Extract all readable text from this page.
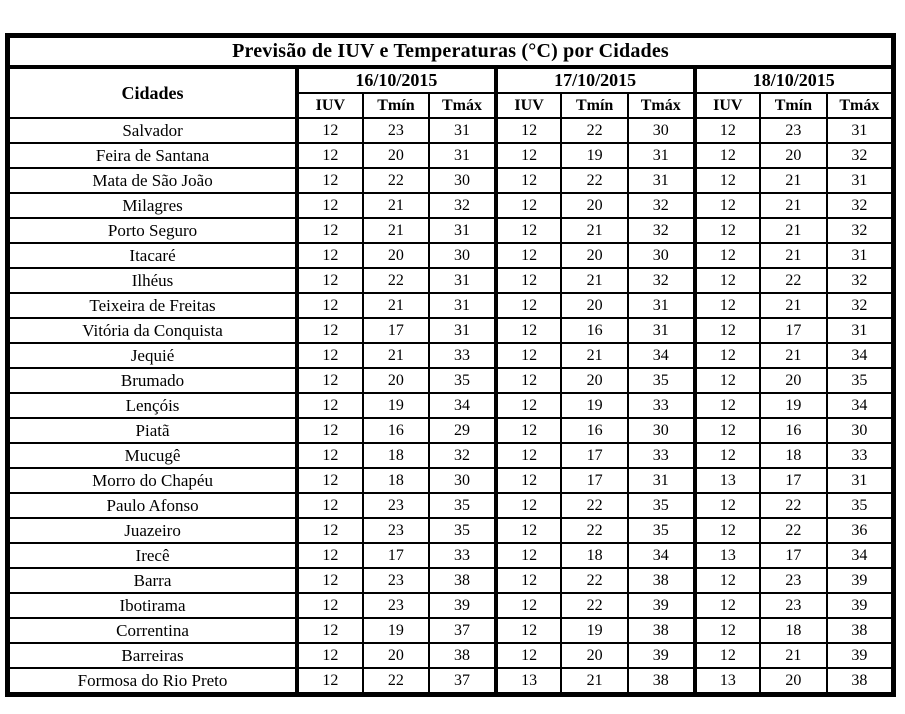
Previsão de IUV e Temperaturas (°C) por Cidades									
Cidades	16/10/2015			17/10/2015			18/10/2015		
	IUV	Tmín	Tmáx	IUV	Tmín	Tmáx	IUV	Tmín	Tmáx
Salvador	12	23	31	12	22	30	12	23	31
Feira de Santana	12	20	31	12	19	31	12	20	32
Mata de São João	12	22	30	12	22	31	12	21	31
Milagres	12	21	32	12	20	32	12	21	32
Porto Seguro	12	21	31	12	21	32	12	21	32
Itacaré	12	20	30	12	20	30	12	21	31
Ilhéus	12	22	31	12	21	32	12	22	32
Teixeira de Freitas	12	21	31	12	20	31	12	21	32
Vitória da Conquista	12	17	31	12	16	31	12	17	31
Jequié	12	21	33	12	21	34	12	21	34
Brumado	12	20	35	12	20	35	12	20	35
Lençóis	12	19	34	12	19	33	12	19	34
Piatã	12	16	29	12	16	30	12	16	30
Mucugê	12	18	32	12	17	33	12	18	33
Morro do Chapéu	12	18	30	12	17	31	13	17	31
Paulo Afonso	12	23	35	12	22	35	12	22	35
Juazeiro	12	23	35	12	22	35	12	22	36
Irecê	12	17	33	12	18	34	13	17	34
Barra	12	23	38	12	22	38	12	23	39
Ibotirama	12	23	39	12	22	39	12	23	39
Correntina	12	19	37	12	19	38	12	18	38
Barreiras	12	20	38	12	20	39	12	21	39
Formosa do Rio Preto	12	22	37	13	21	38	13	20	38
